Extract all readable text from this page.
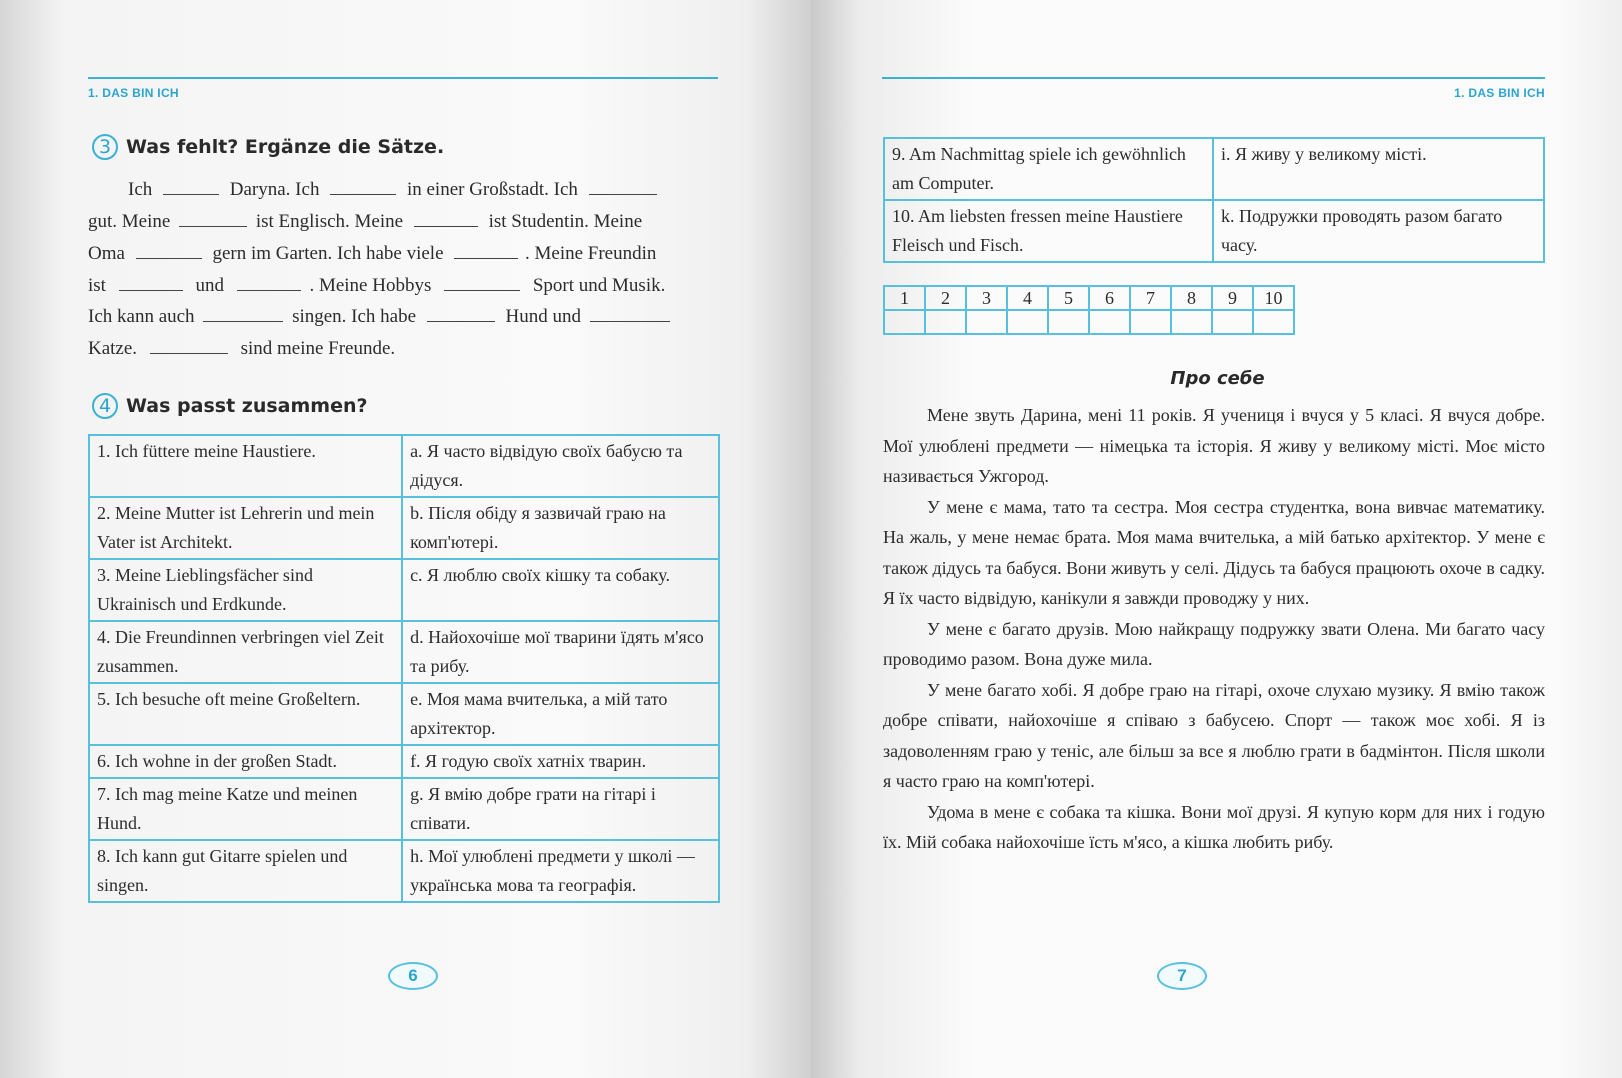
1. DAS BIN ICH
3 Was fehlt? Ergänze die Sätze.
Ich	Daryna. Ich	in einer Großstadt. Ich
gut. Meine	ist Englisch. Meine	ist Studentin. Meine
Oma	gern im Garten. Ich habe viele	. Meine Freundin
ist	und	. Meine Hobbys	Sport und Musik.
Ich kann auch	singen. Ich habe	Hund und
Katze.	sind meine Freunde.
4 Was passt zusammen?
1. Ich füttere meine Haustiere.	a. Я часто відвідую своїх бабусю та дідуся.
2. Meine Mutter ist Lehrerin und mein Vater ist Architekt.	b. Після обіду я зазвичай граю на комп'ютері.
3. Meine Lieblingsfächer sind Ukrainisch und Erdkunde.	c. Я люблю своїх кішку та собаку.
4. Die Freundinnen verbringen viel Zeit zusammen.	d. Найохочіше мої тварини їдять м'ясо та рибу.
5. Ich besuche oft meine Großeltern.	e. Моя мама вчителька, а мій тато архітектор.
6. Ich wohne in der großen Stadt.	f. Я годую своїх хатніх тварин.
7. Ich mag meine Katze und meinen Hund.	g. Я вмію добре грати на гітарі і співати.
8. Ich kann gut Gitarre spielen und singen.	h. Мої улюблені предмети у школі — українська мова та географія.
6
1. DAS BIN ICH
9. Am Nachmittag spiele ich gewöhnlich am Computer.	i. Я живу у великому місті.
10. Am liebsten fressen meine Haustiere Fleisch und Fisch.	k. Подружки проводять разом багато часу.
1	2	3	4	5	6	7	8	9	10

Про себе

Мене звуть Дарина, мені 11 років. Я учениця і вчуся у 5 класі. Я вчуся добре. Мої улюблені предмети — німецька та історія. Я живу у великому місті. Моє місто називається Ужгород.

У мене є мама, тато та сестра. Моя сестра студентка, вона вивчає математику. На жаль, у мене немає брата. Моя мама вчителька, а мій батько архітектор. У мене є також дідусь та бабуся. Вони живуть у селі. Дідусь та бабуся працюють охоче в садку. Я їх часто відвідую, канікули я завжди проводжу у них.

У мене є багато друзів. Мою найкращу подружку звати Олена. Ми багато часу проводимо разом. Вона дуже мила.

У мене багато хобі. Я добре граю на гітарі, охоче слухаю музику. Я вмію також добре співати, найохочіше я співаю з бабусею. Спорт — також моє хобі. Я із задоволенням граю у теніс, але більш за все я люблю грати в бадмінтон. Після школи я часто граю на комп'ютері.

Удома в мене є собака та кішка. Вони мої друзі. Я купую корм для них і годую їх. Мій собака найохочіше їсть м'ясо, а кішка любить рибу.

7
